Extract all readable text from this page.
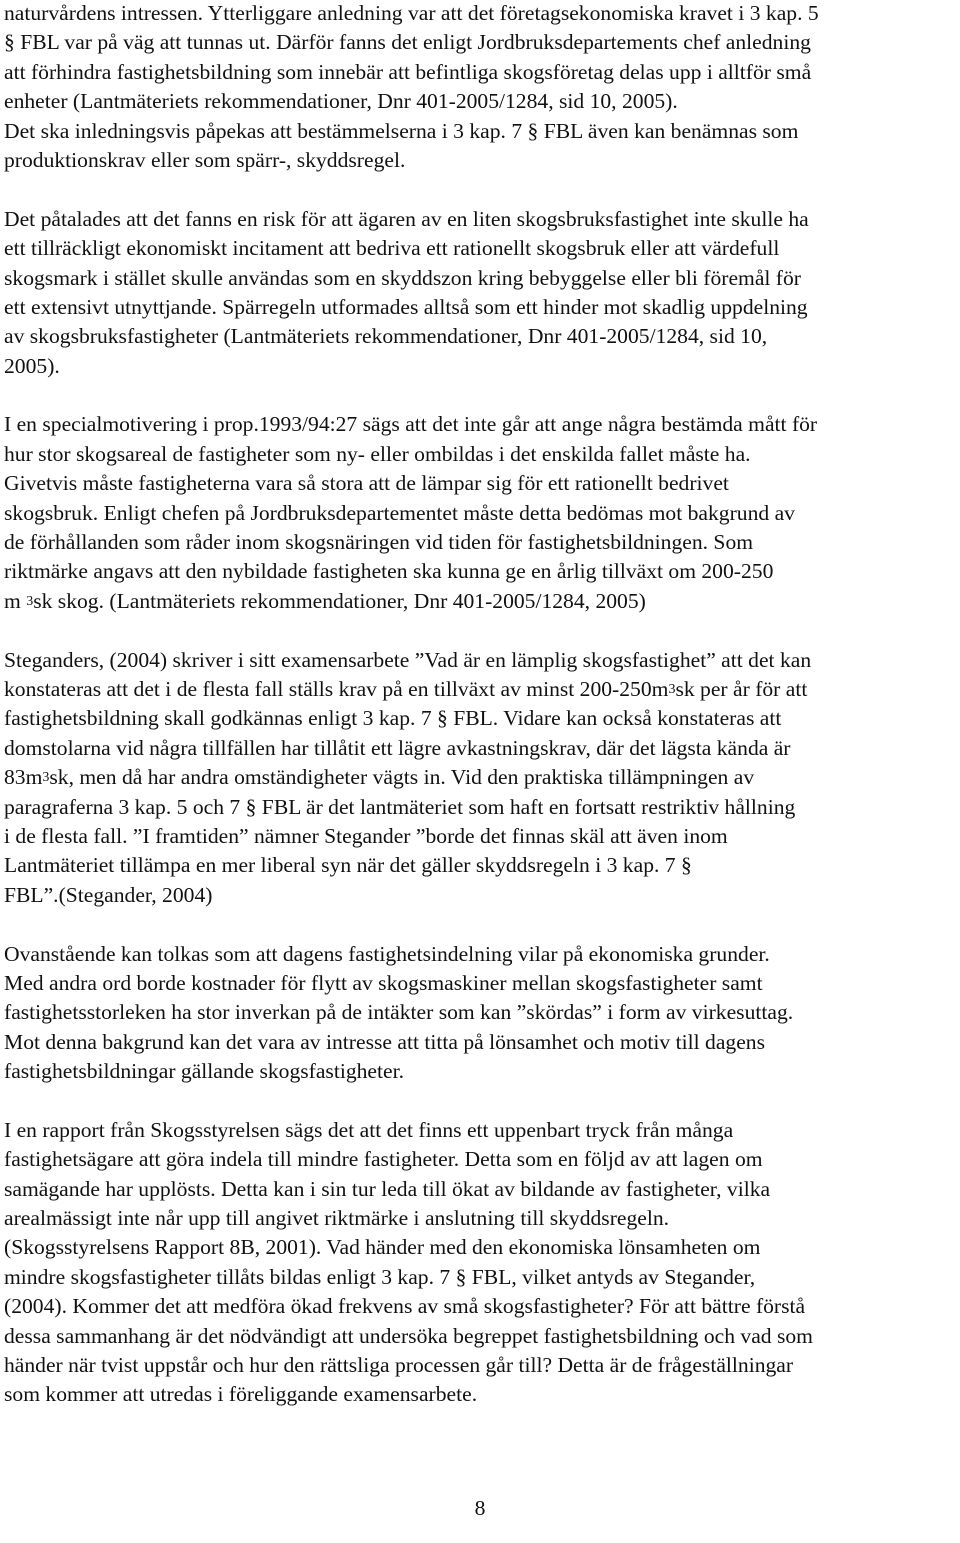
naturvårdens intressen. Ytterliggare anledning var att det företagsekonomiska kravet i 3 kap. 5
§ FBL var på väg att tunnas ut. Därför fanns det enligt Jordbruksdepartements chef anledning
att förhindra fastighetsbildning som innebär att befintliga skogsföretag delas upp i alltför små
enheter (Lantmäteriets rekommendationer, Dnr 401-2005/1284, sid 10, 2005).
Det ska inledningsvis påpekas att bestämmelserna i 3 kap. 7 § FBL även kan benämnas som
produktionskrav eller som spärr-, skyddsregel.
Det påtalades att det fanns en risk för att ägaren av en liten skogsbruksfastighet inte skulle ha
ett tillräckligt ekonomiskt incitament att bedriva ett rationellt skogsbruk eller att värdefull
skogsmark i stället skulle användas som en skyddszon kring bebyggelse eller bli föremål för
ett extensivt utnyttjande. Spärregeln utformades alltså som ett hinder mot skadlig uppdelning
av skogsbruksfastigheter (Lantmäteriets rekommendationer, Dnr 401-2005/1284, sid 10,
2005).
I en specialmotivering i prop.1993/94:27 sägs att det inte går att ange några bestämda mått för
hur stor skogsareal de fastigheter som ny- eller ombildas i det enskilda fallet måste ha.
Givetvis måste fastigheterna vara så stora att de lämpar sig för ett rationellt bedrivet
skogsbruk. Enligt chefen på Jordbruksdepartementet måste detta bedömas mot bakgrund av
de förhållanden som råder inom skogsnäringen vid tiden för fastighetsbildningen. Som
riktmärke angavs att den nybildade fastigheten ska kunna ge en årlig tillväxt om 200-250
m $^3$sk skog. (Lantmäteriets rekommendationer, Dnr 401-2005/1284, 2005)
Steganders, (2004) skriver i sitt examensarbete ”Vad är en lämplig skogsfastighet” att det kan
konstateras att det i de flesta fall ställs krav på en tillväxt av minst $200-250m^3sk$ per år för att
fastighetsbildning skall godkännas enligt 3 kap. 7 § FBL. Vidare kan också konstateras att
domstolarna vid några tillfällen har tillåtit ett lägre avkastningskrav, där det lägsta kända är
$83m^3sk$, men då har andra omständigheter vägts in. Vid den praktiska tillämpningen av
paragraferna 3 kap. 5 och 7 § FBL är det lantmäteriet som haft en fortsatt restriktiv hållning
i de flesta fall. ”I framtiden” nämner Stegander ”borde det finnas skäl att även inom
Lantmäteriet tillämpa en mer liberal syn när det gäller skyddsregeln i 3 kap. 7 §
FBL”.(Stegander, 2004)
Ovanstående kan tolkas som att dagens fastighetsindelning vilar på ekonomiska grunder.
Med andra ord borde kostnader för flytt av skogsmaskiner mellan skogsfastigheter samt
fastighetsstorleken ha stor inverkan på de intäkter som kan ”skördas” i form av virkesuttag.
Mot denna bakgrund kan det vara av intresse att titta på lönsamhet och motiv till dagens
fastighetsbildningar gällande skogsfastigheter.
I en rapport från Skogsstyrelsen sägs det att det finns ett uppenbart tryck från många
fastighetsägare att göra indela till mindre fastigheter. Detta som en följd av att lagen om
samägande har upplösts. Detta kan i sin tur leda till ökat av bildande av fastigheter, vilka
arealmässigt inte når upp till angivet riktmärke i anslutning till skyddsregeln.
(Skogsstyrelsens Rapport 8B, 2001). Vad händer med den ekonomiska lönsamheten om
mindre skogsfastigheter tillåts bildas enligt 3 kap. 7 § FBL, vilket antyds av Stegander,
(2004). Kommer det att medföra ökad frekvens av små skogsfastigheter? För att bättre förstå
dessa sammanhang är det nödvändigt att undersöka begreppet fastighetsbildning och vad som
händer när tvist uppstår och hur den rättsliga processen går till? Detta är de frågeställningar
som kommer att utredas i föreliggande examensarbete.
8
